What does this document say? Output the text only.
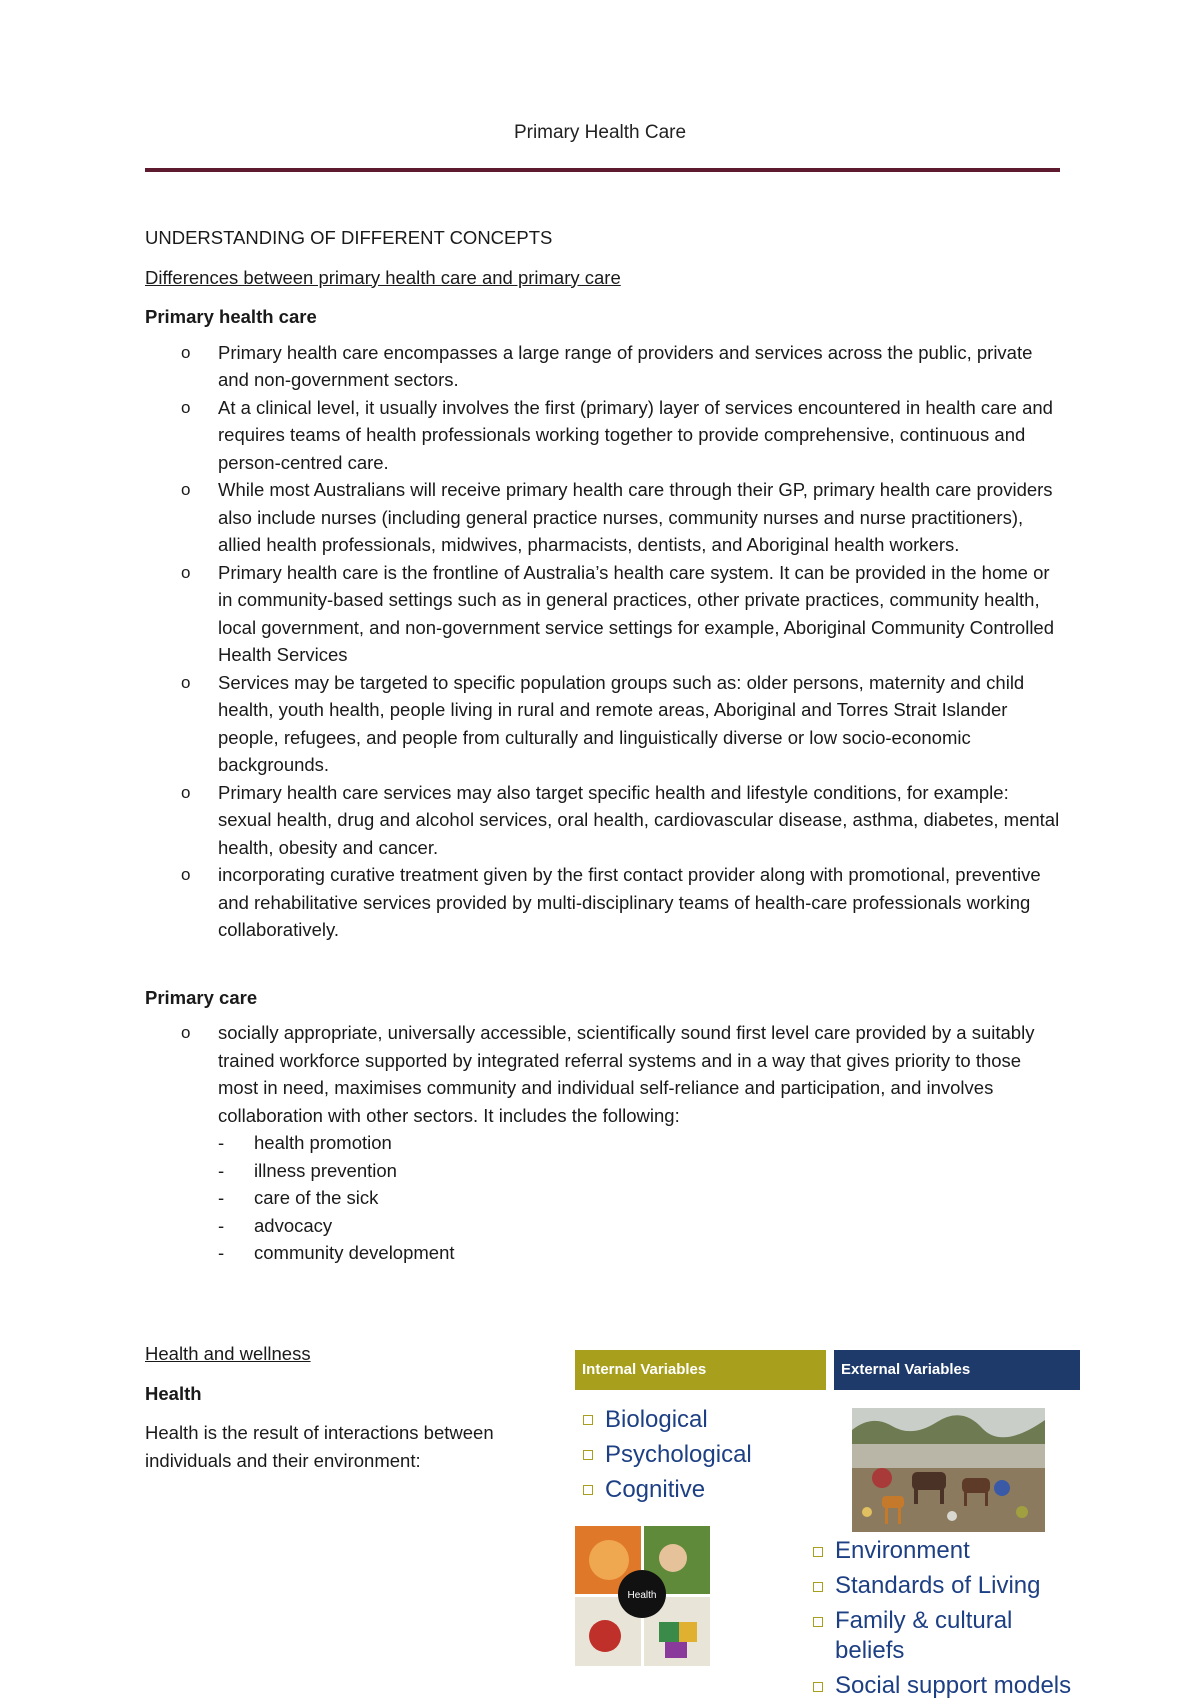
Primary Health Care

UNDERSTANDING OF DIFFERENT CONCEPTS

Differences between primary health care and primary care

Primary health care

o Primary health care encompasses a large range of providers and services across the public, private and non-government sectors.
o At a clinical level, it usually involves the first (primary) layer of services encountered in health care and requires teams of health professionals working together to provide comprehensive, continuous and person-centred care.
o While most Australians will receive primary health care through their GP, primary health care providers also include nurses (including general practice nurses, community nurses and nurse practitioners), allied health professionals, midwives, pharmacists, dentists, and Aboriginal health workers.
o Primary health care is the frontline of Australia’s health care system. It can be provided in the home or in community-based settings such as in general practices, other private practices, community health, local government, and non-government service settings for example, Aboriginal Community Controlled Health Services
o Services may be targeted to specific population groups such as: older persons, maternity and child health, youth health, people living in rural and remote areas, Aboriginal and Torres Strait Islander people, refugees, and people from culturally and linguistically diverse or low socio-economic backgrounds.
o Primary health care services may also target specific health and lifestyle conditions, for example: sexual health, drug and alcohol services, oral health, cardiovascular disease, asthma, diabetes, mental health, obesity and cancer.
o incorporating curative treatment given by the first contact provider along with promotional, preventive and rehabilitative services provided by multi-disciplinary teams of health-care professionals working collaboratively.

Primary care

o socially appropriate, universally accessible, scientifically sound first level care provided by a suitably trained workforce supported by integrated referral systems and in a way that gives priority to those most in need, maximises community and individual self-reliance and participation, and involves collaboration with other sectors. It includes the following:
- health promotion
- illness prevention
- care of the sick
- advocacy
- community development

Health and wellness

Health

Health is the result of interactions between individuals and their environment:

Internal Variables	External Variables
Biological
Psychological
Cognitive
Health
Environment
Standards of Living
Family & cultural beliefs
Social support models
